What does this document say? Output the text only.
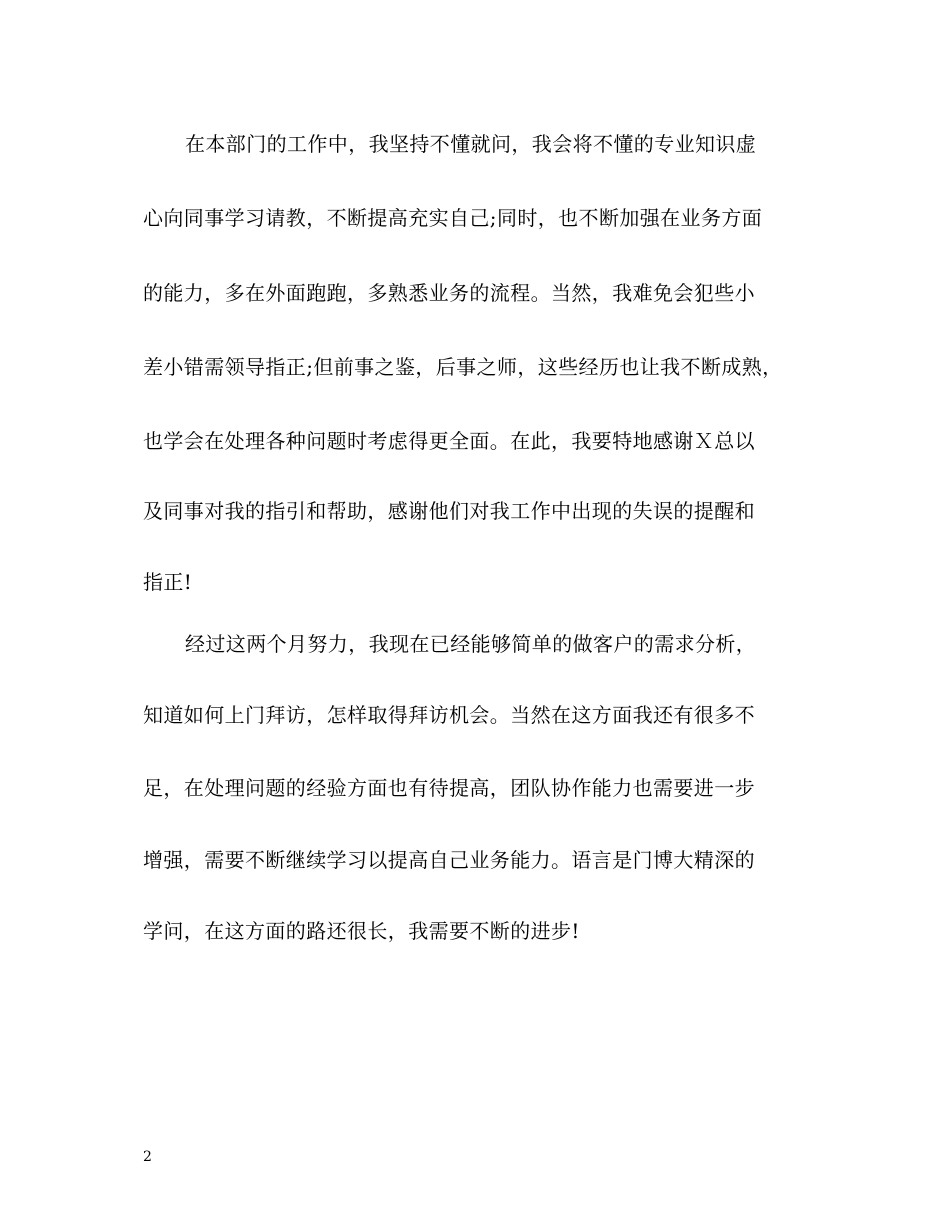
在本部门的工作中，我坚持不懂就问，我会将不懂的专业知识虚
心向同事学习请教，不断提高充实自己;同时，也不断加强在业务方面
的能力，多在外面跑跑，多熟悉业务的流程。当然，我难免会犯些小
差小错需领导指正;但前事之鉴，后事之师，这些经历也让我不断成熟，
也学会在处理各种问题时考虑得更全面。在此，我要特地感谢Ｘ总以
及同事对我的指引和帮助，感谢他们对我工作中出现的失误的提醒和
指正!
经过这两个月努力，我现在已经能够简单的做客户的需求分析，
知道如何上门拜访，怎样取得拜访机会。当然在这方面我还有很多不
足，在处理问题的经验方面也有待提高，团队协作能力也需要进一步
增强，需要不断继续学习以提高自己业务能力。语言是门博大精深的
学问，在这方面的路还很长，我需要不断的进步!
2
